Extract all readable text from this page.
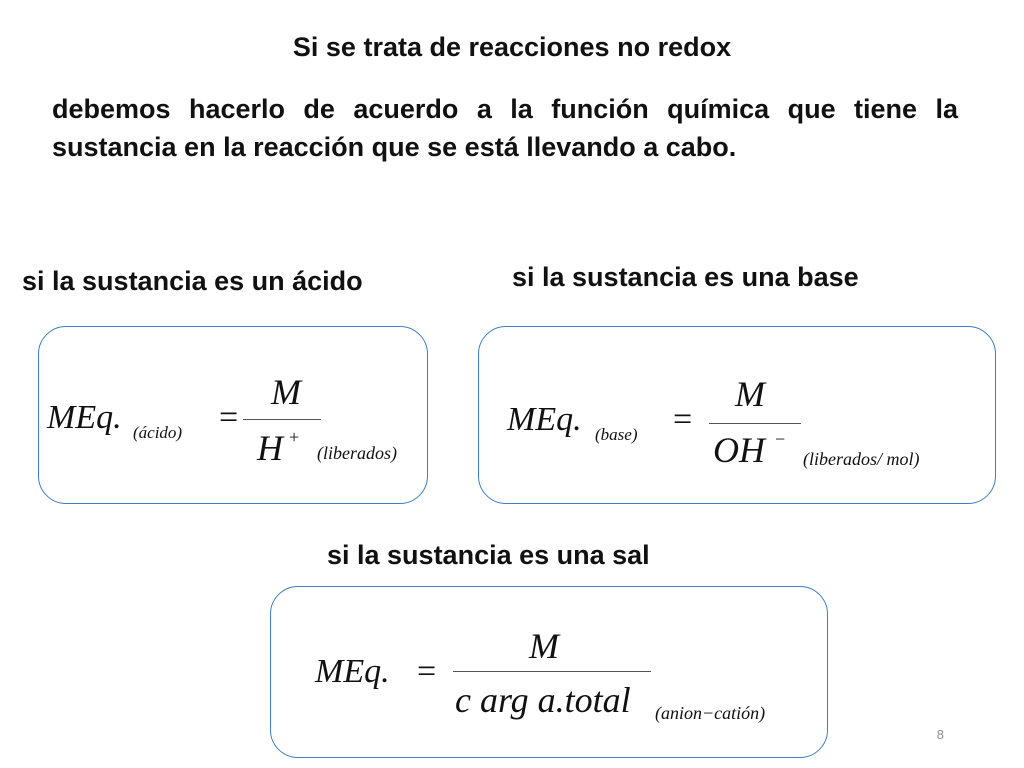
Si se trata de reacciones no redox
debemos hacerlo de acuerdo a la función química que tiene la sustancia en la reacción que se está llevando a cabo.
si la sustancia es un ácido
MEq. (ácido) =
M
H +
(liberados)
si la sustancia es una base
MEq. (base) =
M
OH −
(liberados/ mol)
si la sustancia es una sal
MEq. =
M
c arg a.total (anion−catión)
8
